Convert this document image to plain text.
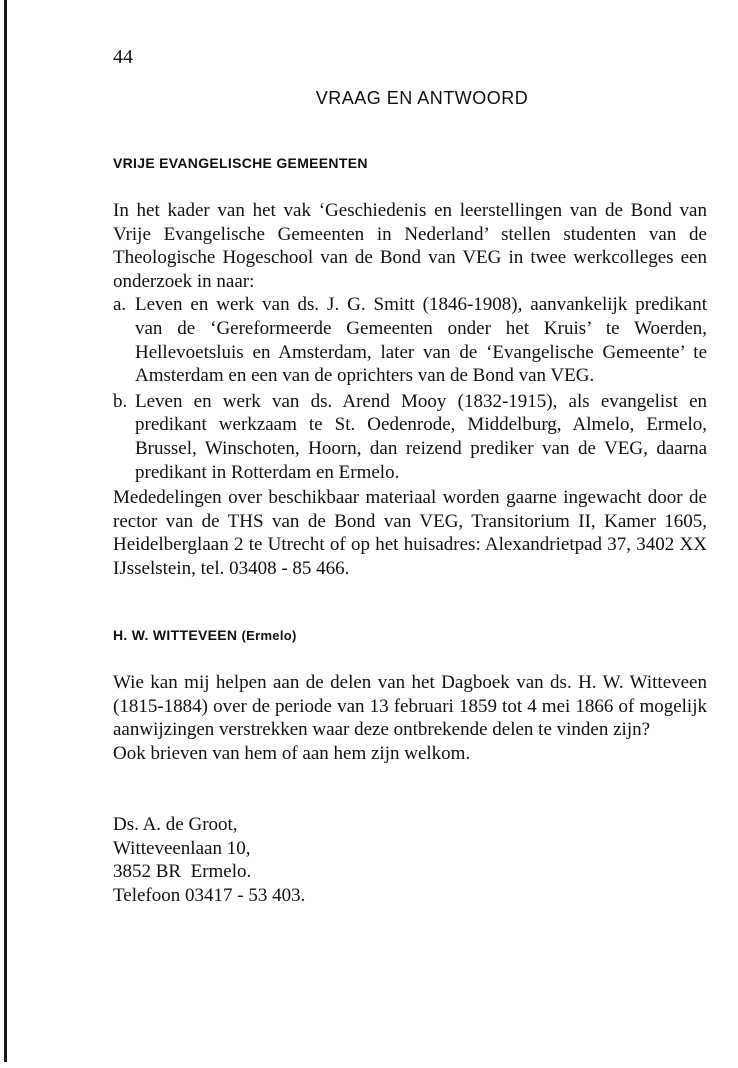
44
VRAAG EN ANTWOORD
VRIJE EVANGELISCHE GEMEENTEN

In het kader van het vak ‘Geschiedenis en leerstellingen van de Bond van Vrije Evangelische Gemeenten in Nederland’ stellen studenten van de Theologische Hogeschool van de Bond van VEG in twee werkcolleges een onderzoek in naar:

a. Leven en werk van ds. J. G. Smitt (1846-1908), aanvankelijk predikant van de ‘Gereformeerde Gemeenten onder het Kruis’ te Woerden, Hellevoetsluis en Amsterdam, later van de ‘Evangelische Gemeente’ te Amsterdam en een van de oprichters van de Bond van VEG.
b. Leven en werk van ds. Arend Mooy (1832-1915), als evangelist en predikant werkzaam te St. Oedenrode, Middelburg, Almelo, Ermelo, Brussel, Winschoten, Hoorn, dan reizend prediker van de VEG, daarna predikant in Rotterdam en Ermelo.

Mededelingen over beschikbaar materiaal worden gaarne ingewacht door de rector van de THS van de Bond van VEG, Transitorium II, Kamer 1605, Heidelberglaan 2 te Utrecht of op het huisadres: Alexandrietpad 37, 3402 XX IJsselstein, tel. 03408 - 85 466.

H. W. WITTEVEEN (Ermelo)

Wie kan mij helpen aan de delen van het Dagboek van ds. H. W. Witteveen (1815-1884) over de periode van 13 februari 1859 tot 4 mei 1866 of mogelijk aanwijzingen verstrekken waar deze ontbrekende delen te vinden zijn?

Ook brieven van hem of aan hem zijn welkom.

Ds. A. de Groot,
Witteveenlaan 10,
3852 BR  Ermelo.
Telefoon 03417 - 53 403.
